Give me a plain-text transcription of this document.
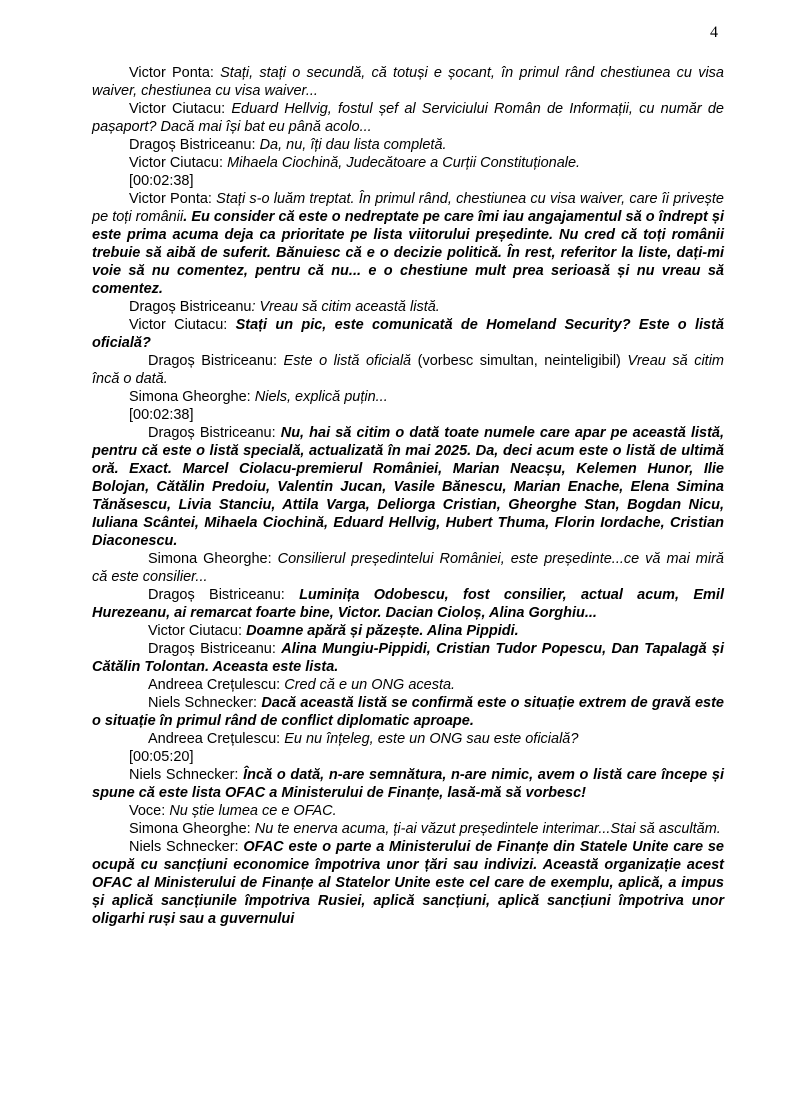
4

Victor Ponta: Stați, stați o secundă, că totuși e șocant, în primul rând chestiunea cu visa waiver, chestiunea cu visa waiver...

Victor Ciutacu: Eduard Hellvig, fostul șef al Serviciului Român de Informații, cu număr de pașaport? Dacă mai își bat eu până acolo...

Dragoș Bistriceanu: Da, nu, îți dau lista completă.

Victor Ciutacu: Mihaela Ciochină, Judecătoare a Curții Constituționale.

[00:02:38]

Victor Ponta: Stați s-o luăm treptat. În primul rând, chestiunea cu visa waiver, care îi privește pe toți românii. Eu consider că este o nedreptate pe care îmi iau angajamentul să o îndrept și este prima acuma deja ca prioritate pe lista viitorului președinte. Nu cred că toți românii trebuie să aibă de suferit. Bănuiesc că e o decizie politică. În rest, referitor la liste, dați-mi voie să nu comentez, pentru că nu... e o chestiune mult prea serioasă și nu vreau să comentez.

Dragoș Bistriceanu: Vreau să citim această listă.

Victor Ciutacu: Stați un pic, este comunicată de Homeland Security? Este o listă oficială?

Dragoș Bistriceanu: Este o listă oficială (vorbesc simultan, neinteligibil) Vreau să citim încă o dată.

Simona Gheorghe: Niels, explică puțin...

[00:02:38]

Dragoș Bistriceanu: Nu, hai să citim o dată toate numele care apar pe această listă, pentru că este o listă specială, actualizată în mai 2025. Da, deci acum este o listă de ultimă oră. Exact. Marcel Ciolacu-premierul României, Marian Neacșu, Kelemen Hunor, Ilie Bolojan, Cătălin Predoiu, Valentin Jucan, Vasile Bănescu, Marian Enache, Elena Simina Tănăsescu, Livia Stanciu, Attila Varga, Deliorga Cristian, Gheorghe Stan, Bogdan Nicu, Iuliana Scântei, Mihaela Ciochină, Eduard Hellvig, Hubert Thuma, Florin Iordache, Cristian Diaconescu.

Simona Gheorghe: Consilierul președintelui României, este președinte...ce vă mai miră că este consilier...

Dragoș Bistriceanu: Luminița Odobescu, fost consilier, actual acum, Emil Hurezeanu, ai remarcat foarte bine, Victor. Dacian Cioloș, Alina Gorghiu...

Victor Ciutacu: Doamne apără și păzește. Alina Pippidi.

Dragoș Bistriceanu: Alina Mungiu-Pippidi, Cristian Tudor Popescu, Dan Tapalagă și Cătălin Tolontan. Aceasta este lista.

Andreea Crețulescu: Cred că e un ONG acesta.

Niels Schnecker: Dacă această listă se confirmă este o situație extrem de gravă este o situație în primul rând de conflict diplomatic aproape.

Andreea Crețulescu: Eu nu înțeleg, este un ONG sau este oficială?

[00:05:20]

Niels Schnecker: Încă o dată, n-are semnătura, n-are nimic, avem o listă care începe și spune că este lista OFAC a Ministerului de Finanțe, lasă-mă să vorbesc!

Voce: Nu știe lumea ce e OFAC.

Simona Gheorghe: Nu te enerva acuma, ți-ai văzut președintele interimar...Stai să ascultăm.

Niels Schnecker: OFAC este o parte a Ministerului de Finanțe din Statele Unite care se ocupă cu sancțiuni economice împotriva unor țări sau indivizi. Această organizație acest OFAC al Ministerului de Finanțe al Statelor Unite este cel care de exemplu, aplică, a impus și aplică sancțiunile împotriva Rusiei, aplică sancțiuni, aplică sancțiuni împotriva unor oligarhi ruși sau a guvernului
